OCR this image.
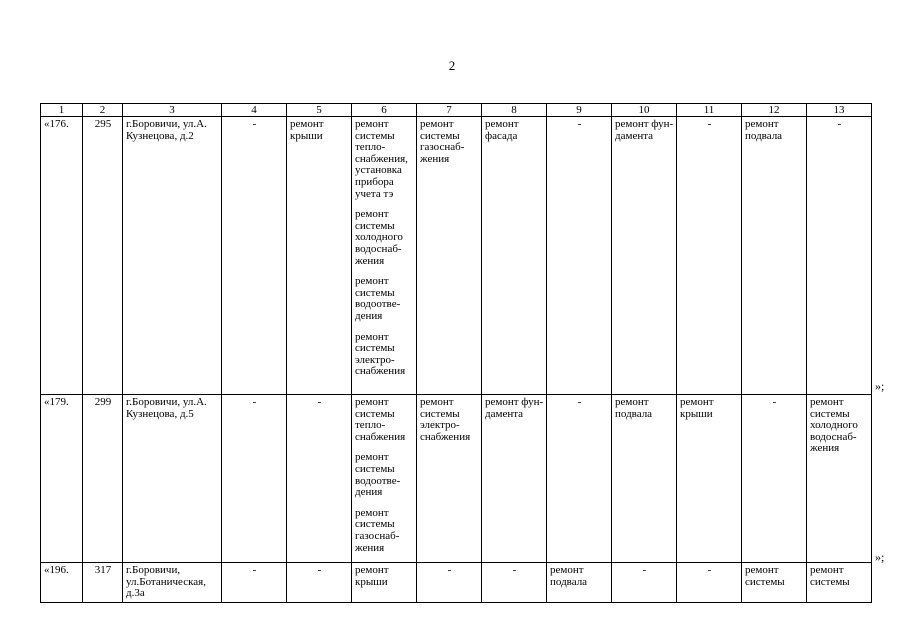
2
1	2	3	4	5	6	7	8	9	10	11	12	13

«176.	295	г.Боровичи, ул.А. Кузнецова, д.2	-	ремонт крыши	ремонт системы тепло-снабжения, установка прибора учета тэ
ремонт системы холодного водоснаб-жения
ремонт системы водоотве-дения
ремонт системы электро-снабжения	ремонт системы газоснаб-жения	ремонт фасада	-	ремонт фун-дамента	-	ремонт подвала	-

«179.	299	г.Боровичи, ул.А. Кузнецова, д.5	-	-	ремонт системы тепло-снабжения
ремонт системы водоотве-дения
ремонт системы газоснаб-жения	ремонт системы электро-снабжения	ремонт фун-дамента	-	ремонт подвала	ремонт крыши	-	ремонт системы холодного водоснаб-жения

«196.	317	г.Боровичи, ул.Ботаническая, д.3а	-	-	ремонт крыши	-	-	ремонт подвала	-	-	ремонт системы	ремонт системы
»;
»;
